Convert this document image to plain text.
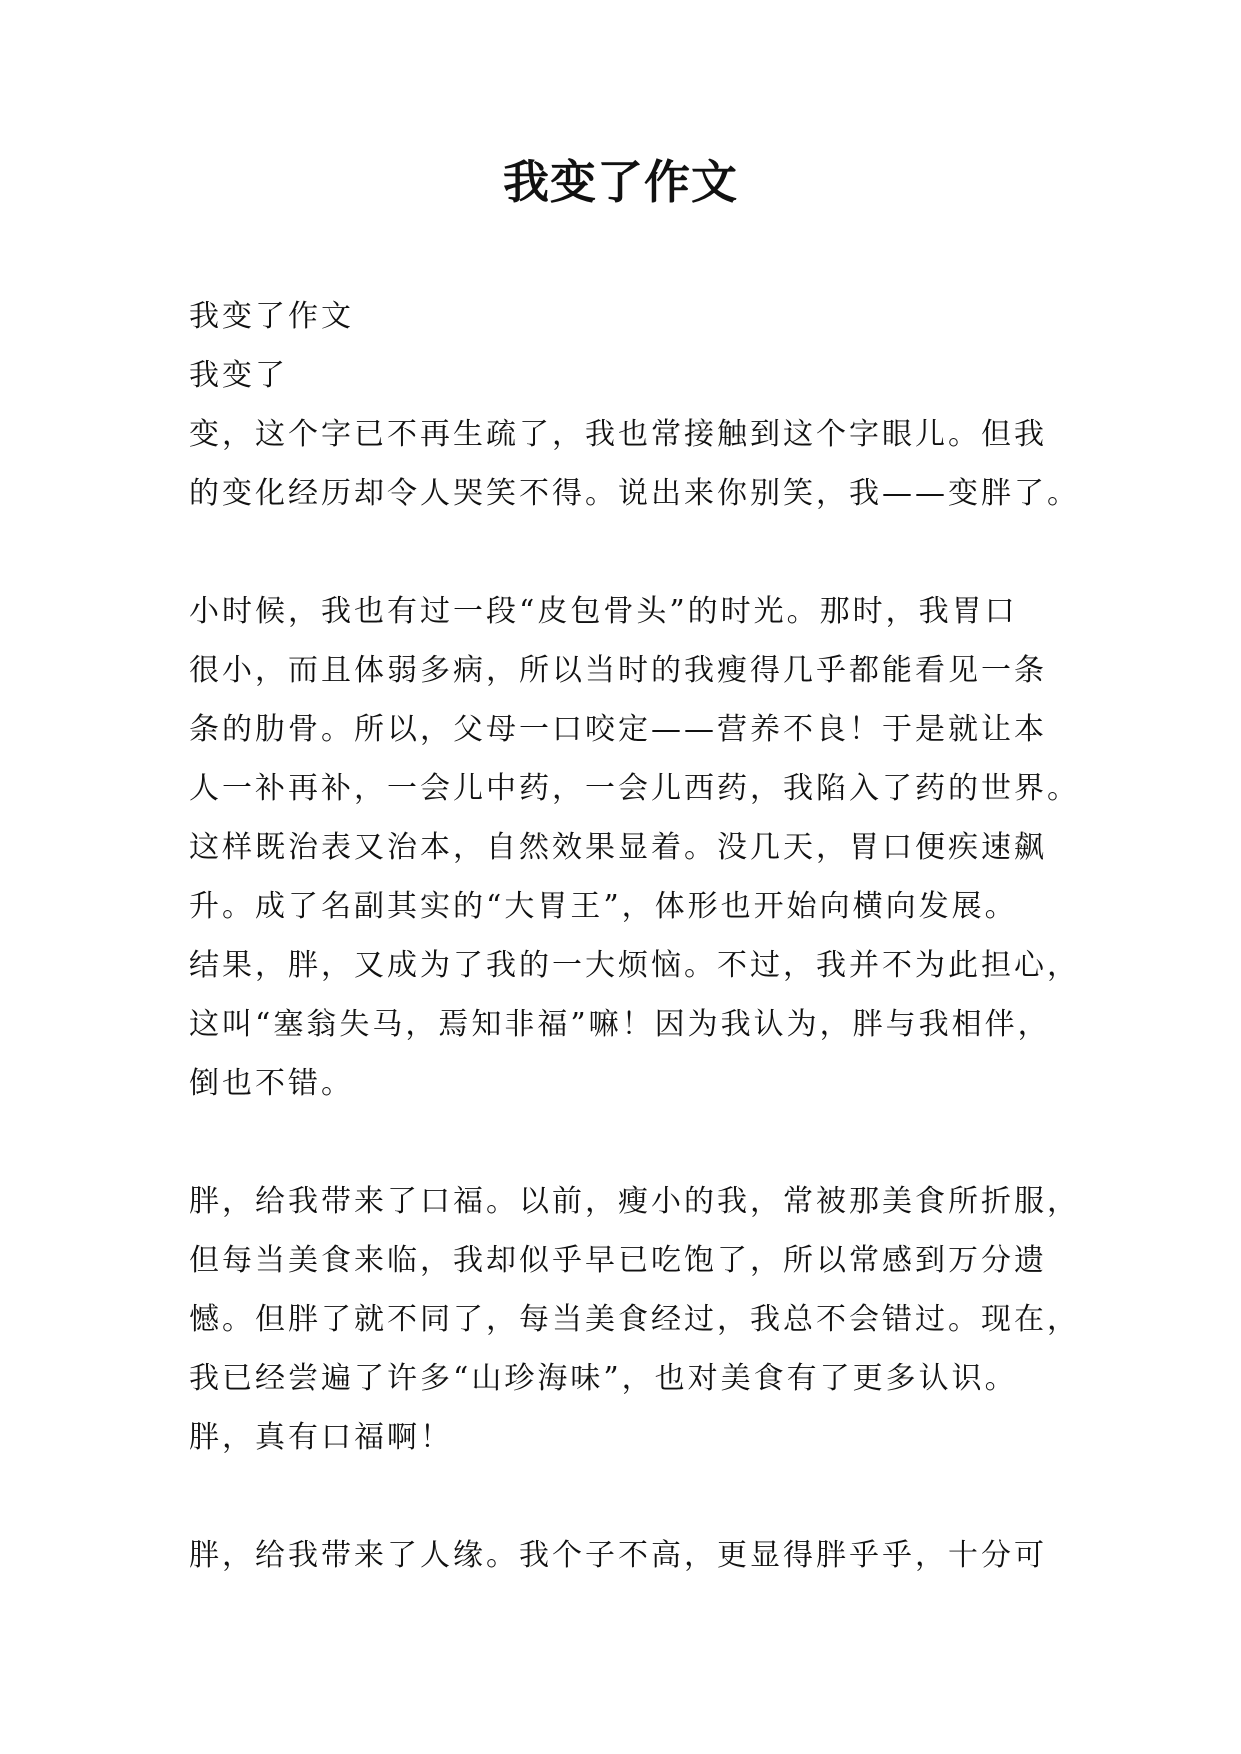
我变了作文
我变了作文
我变了
变，这个字已不再生疏了，我也常接触到这个字眼儿。但我
的变化经历却令人哭笑不得。说出来你别笑，我——变胖了。
小时候，我也有过一段“皮包骨头”的时光。那时，我胃口
很小，而且体弱多病，所以当时的我瘦得几乎都能看见一条
条的肋骨。所以，父母一口咬定——营养不良！于是就让本
人一补再补，一会儿中药，一会儿西药，我陷入了药的世界。
这样既治表又治本，自然效果显着。没几天，胃口便疾速飙
升。成了名副其实的“大胃王”，体形也开始向横向发展。
结果，胖，又成为了我的一大烦恼。不过，我并不为此担心，
这叫“塞翁失马，焉知非福”嘛！因为我认为，胖与我相伴，
倒也不错。
胖，给我带来了口福。以前，瘦小的我，常被那美食所折服，
但每当美食来临，我却似乎早已吃饱了，所以常感到万分遗
憾。但胖了就不同了，每当美食经过，我总不会错过。现在，
我已经尝遍了许多“山珍海味”，也对美食有了更多认识。
胖，真有口福啊！
胖，给我带来了人缘。我个子不高，更显得胖乎乎，十分可
